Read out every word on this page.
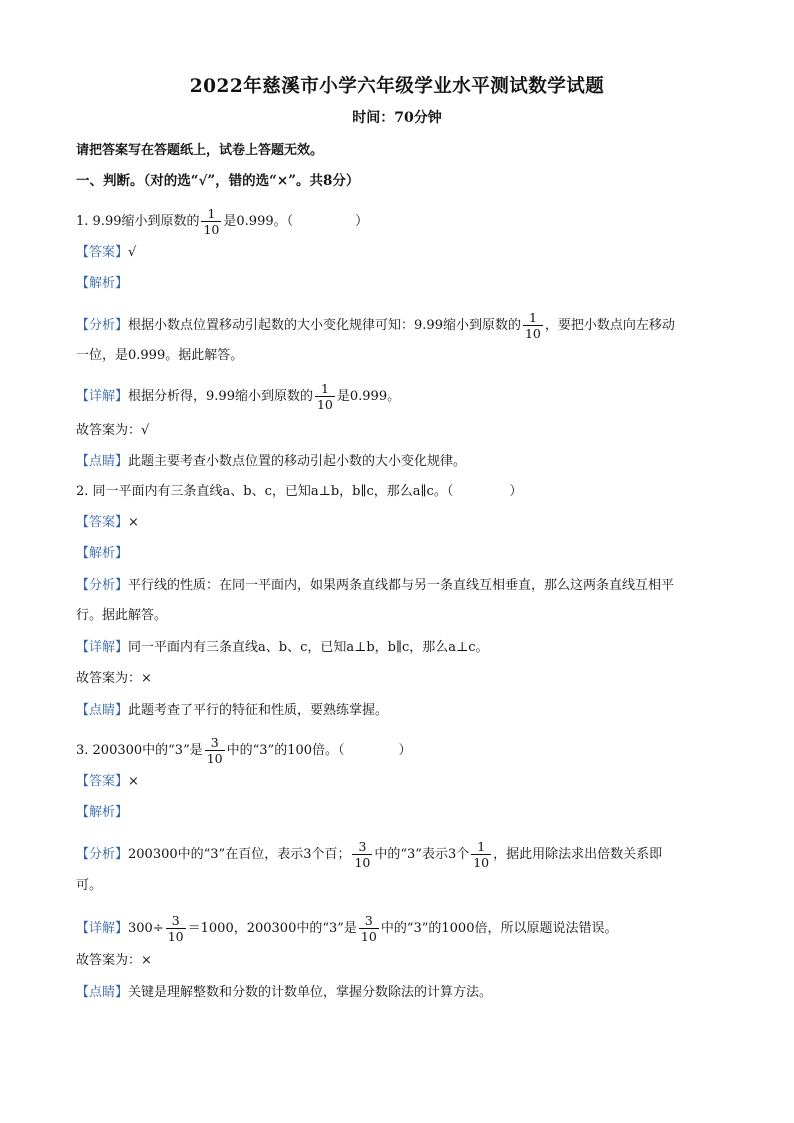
2022年慈溪市小学六年级学业水平测试数学试题
时间：70分钟
请把答案写在答题纸上，试卷上答题无效。
一、判断。（对的选“√”，错的选“×”。共8分）
1. 9.99缩小到原数的 $\frac{1}{10}$ 是0.999。（	）
【答案】√
【解析】
【分析】根据小数点位置移动引起数的大小变化规律可知：9.99缩小到原数的 $\frac{1}{10}$ ，要把小数点向左移动
一位，是0.999。据此解答。
【详解】根据分析得，9.99缩小到原数的 $\frac{1}{10}$ 是0.999。
故答案为：√
【点睛】此题主要考查小数点位置的移动引起小数的大小变化规律。
2. 同一平面内有三条直线a、b、c，已知a⊥b，b∥c，那么a∥c。（	）
【答案】×
【解析】
【分析】平行线的性质：在同一平面内，如果两条直线都与另一条直线互相垂直，那么这两条直线互相平
行。据此解答。
【详解】同一平面内有三条直线a、b、c，已知a⊥b，b∥c，那么a⊥c。
故答案为：×
【点睛】此题考查了平行的特征和性质，要熟练掌握。
3. 200300中的“3”是 $\frac{3}{10}$ 中的“3”的100倍。（	）
【答案】×
【解析】
【分析】200300中的“3”在百位，表示3个百； $\frac{3}{10}$ 中的“3”表示3个 $\frac{1}{10}$ ，据此用除法求出倍数关系即
可。
【详解】$300\div \frac{3}{10} =1000$，200300中的“3”是 $\frac{3}{10}$ 中的“3”的1000倍，所以原题说法错误。
故答案为：×
【点睛】关键是理解整数和分数的计数单位，掌握分数除法的计算方法。
